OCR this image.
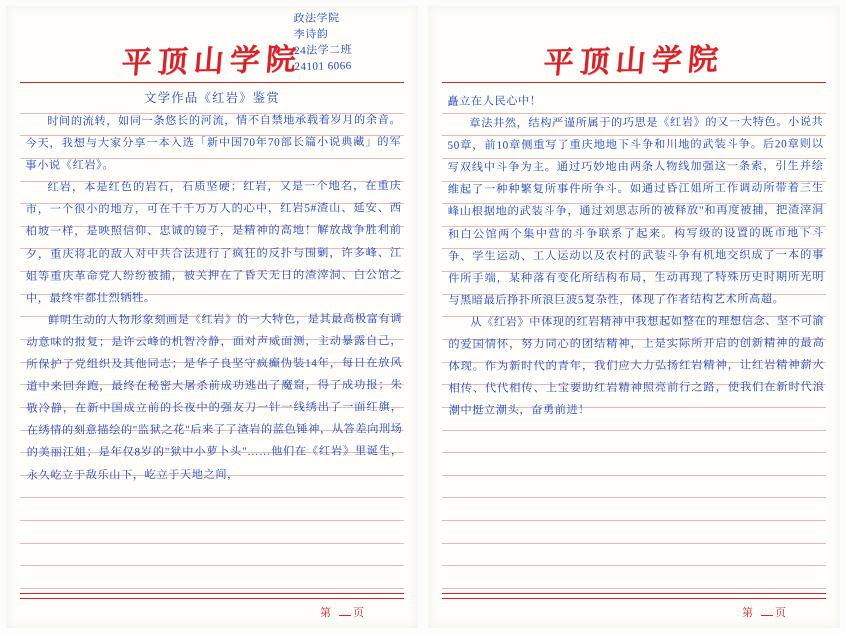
平顶山学院
政法学院
李诗韵
24法学二班
24101 6066
文学作品《红岩》鉴赏
时间的流转，如同一条悠长的河流，情不自禁地承载着岁月的余音。今天，我想与大家分享一本入选「新中国70年70部长篇小说典藏」的军事小说《红岩》。
红岩，本是红色的岩石，石质坚硬；红岩，又是一个地名，在重庆市，一个很小的地方，可在千千万万人的心中，红岩5#渣山、延安、西柏坡一样，是映照信仰、忠诚的镜子，是精神的高地！解放战争胜利前夕，重庆将北的敌人对中共合法进行了疯狂的反扑与围剿，许多峰、江姐等重庆革命党人纷纷被捕，被关押在了昏天无日的渣滓洞、白公馆之中，最终牢都壮烈牺牲。
鲜明生动的人物形象刻画是《红岩》的一大特色，是其最高极富有调动意味的报复；是许云峰的机智冷静，面对声威面测，主动暴露自己，所保护了党组织及其他同志；是华子良坚守疯癫伪装14年，每日在放风道中来回奔跑，最终在秘密大屠杀前成功逃出了魔窟，得了成功报；朱敬冷静，在新中国成立前的长夜中的强友刀一针一线绣出了一面红旗，在绣情的刻意描绘的"监狱之花"后来了了渣岩的蓝色锤神，从答差向刑场的美丽江姐；是年仅8岁的"狱中小萝卜头"……他们在《红岩》里诞生，永久屹立于敌乐山下，屹立于天地之间，
第 页
平顶山学院
矗立在人民心中！
章法井然，结构严谨所属于的巧思是《红岩》的又一大特色。小说共50章，前10章侧重写了重庆地地下斗争和川地的武装斗争。后20章则以写双线中斗争为主。通过巧妙地由两条人物线加强这一条索，引生并绘维起了一种种繁复所事件所争斗。如通过昏江姐所工作调动所带着三生峰山根据地的武装斗争，通过刘思志所的被释放"和再度被捕，把渣滓洞和白公馆两个集中营的斗争联系了起来。构写级的设置的既市地下斗争、学生运动、工人运动以及农村的武装斗争有机地交织成了一本的事件所手端，某种落有变化所结构布局，生动再现了特殊历史时期所光明与黑暗最后挣扑所浪巨波5复杂性，体现了作者结构艺术所高超。
从《红岩》中体现的红岩精神中我想起如整在的理想信念、坚不可渝的爱国情怀，努力同心的团结精神，上是实际所开启的创新精神的最高体现。作为新时代的青年，我们应大力弘扬红岩精神，让红岩精神薪火相传、代代相传、上宝要助红岩精神照亮前行之路，使我们在新时代浪潮中挺立潮头，奋勇前进！
第 页
